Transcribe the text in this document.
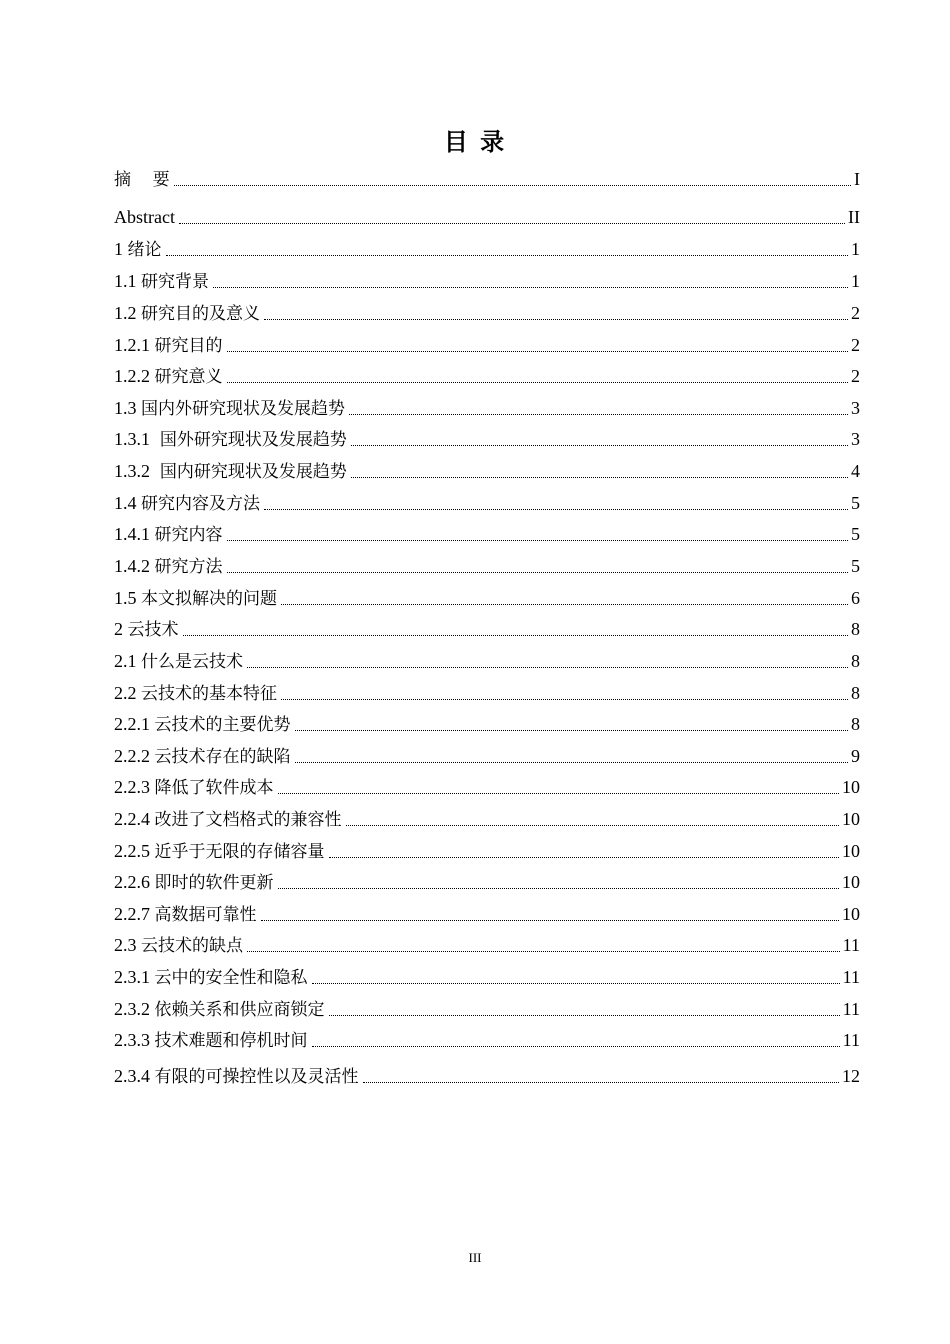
目 录
摘    要	I
Abstract	II
1 绪论	1
1.1 研究背景	1
1.2 研究目的及意义	2
1.2.1 研究目的	2
1.2.2 研究意义	2
1.3 国内外研究现状及发展趋势	3
1.3.1 国外研究现状及发展趋势	3
1.3.2 国内研究现状及发展趋势	4
1.4 研究内容及方法	5
1.4.1 研究内容	5
1.4.2 研究方法	5
1.5 本文拟解决的问题	6
2 云技术	8
2.1 什么是云技术	8
2.2 云技术的基本特征	8
2.2.1 云技术的主要优势	8
2.2.2 云技术存在的缺陷	9
2.2.3 降低了软件成本	10
2.2.4 改进了文档格式的兼容性	10
2.2.5 近乎于无限的存储容量	10
2.2.6 即时的软件更新	10
2.2.7 高数据可靠性	10
2.3 云技术的缺点	11
2.3.1 云中的安全性和隐私	11
2.3.2 依赖关系和供应商锁定	11
2.3.3 技术难题和停机时间	11
2.3.4 有限的可操控性以及灵活性	12
III
